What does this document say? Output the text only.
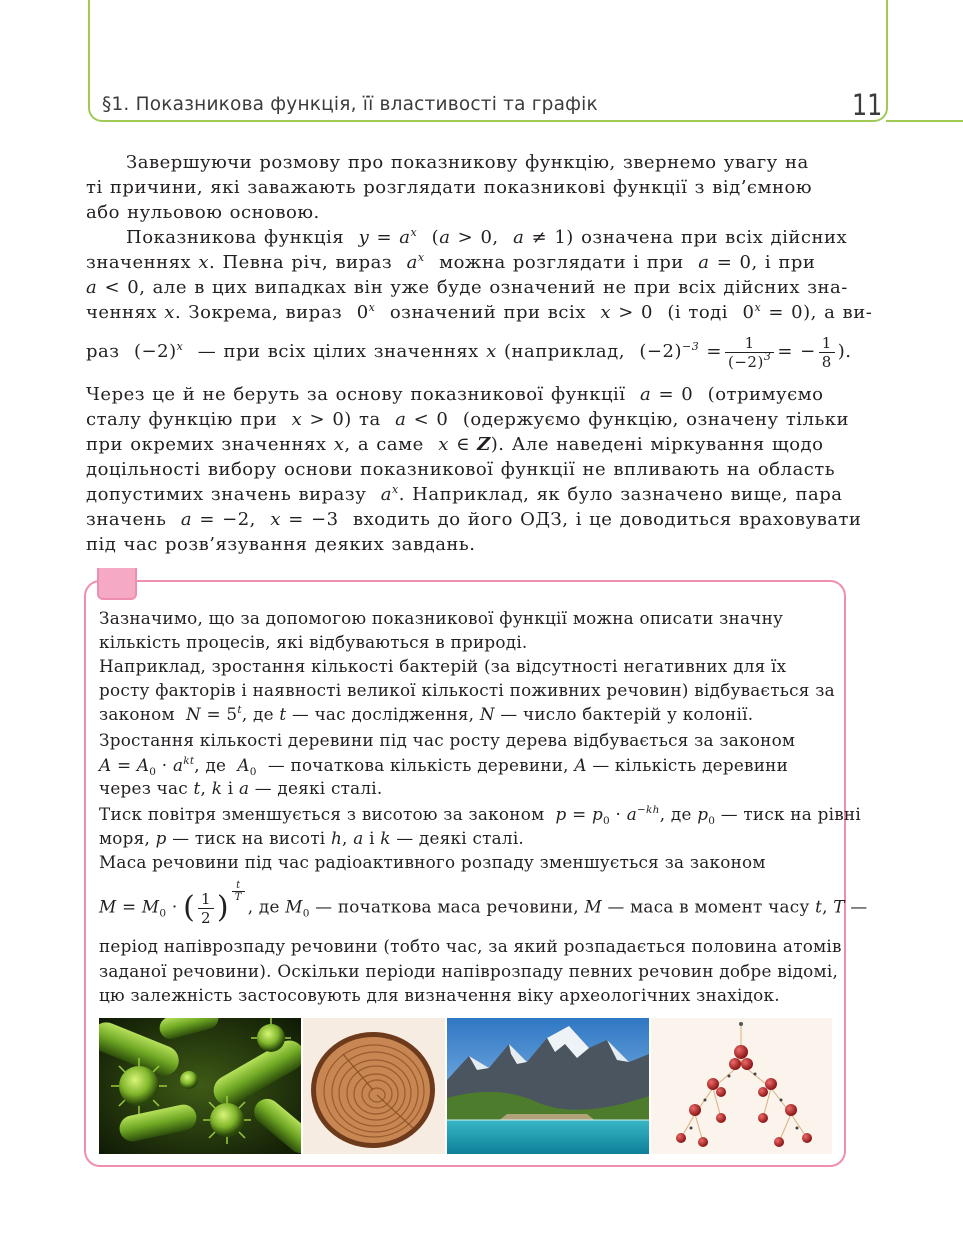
§1. Показникова функція, її властивості та графік	11
Завершуючи розмову про показникову функцію, звернемо увагу на
ті причини, які заважають розглядати показникові функції з від’ємною
або нульовою основою.
Показникова функція $y = a^x$  (a > 0,  a ≠ 1) означена при всіх дійсних
значеннях x. Певна річ, вираз $a^x$ можна розглядати і при a = 0, і при
a < 0, але в цих випадках він уже буде означений не при всіх дійсних зна-
ченнях x. Зокрема, вираз  0$^x$ означений при всіх x > 0  (і тоді  $0^x = 0$), а ви-
раз  $(-2)^x$ — при всіх цілих значеннях x (наприклад,  $(-2)^{-3} = \frac{1}{(-2)^3}$ = − $\frac{1}{8}$ ).
Через це й не беруть за основу показникової функції a = 0  (отримуємо
сталу функцію при x > 0) та a < 0  (одержуємо функцію, означену тільки
при окремих значеннях x, а саме x ∈ Z). Але наведені міркування щодо
доцільності вибору основи показникової функції не впливають на область
допустимих значень виразу $a^x$. Наприклад, як було зазначено вище, пара
значень a = −2,  x = −3  входить до його ОДЗ, і це доводиться враховувати
під час розв’язування деяких завдань.
Зазначимо, що за допомогою показникової функції можна описати значну
кількість процесів, які відбуваються в природі.
Наприклад, зростання кількості бактерій (за відсутності негативних для їх
росту факторів і наявності великої кількості поживних речовин) відбувається за
законом $N = 5^t$, де t — час дослідження, N — число бактерій у колонії.
Зростання кількості деревини під час росту дерева відбувається за законом
$A = A_0 \cdot a^{kt}$, де $A_0$ — початкова кількість деревини, A — кількість деревини
через час t, k і a — деякі сталі.
Тиск повітря зменшується з висотою за законом $p = p_0 \cdot a^{-kh}$, де $p_0$ — тиск на рівні
моря, p — тиск на висоті h, a і k — деякі сталі.
Маса речовини під час радіоактивного розпаду зменшується за законом
$M = M_0$ · ( $\frac{1}{2}$ ) $^{\frac{t}{T}}$
, де $M_0$ — початкова маса речовини, M — маса в момент часу t, T —
період напіврозпаду речовини (тобто час, за який розпадається половина атомів
заданої речовини). Оскільки періоди напіврозпаду певних речовин добре відомі,
цю залежність застосовують для визначення віку археологічних знахідок.
